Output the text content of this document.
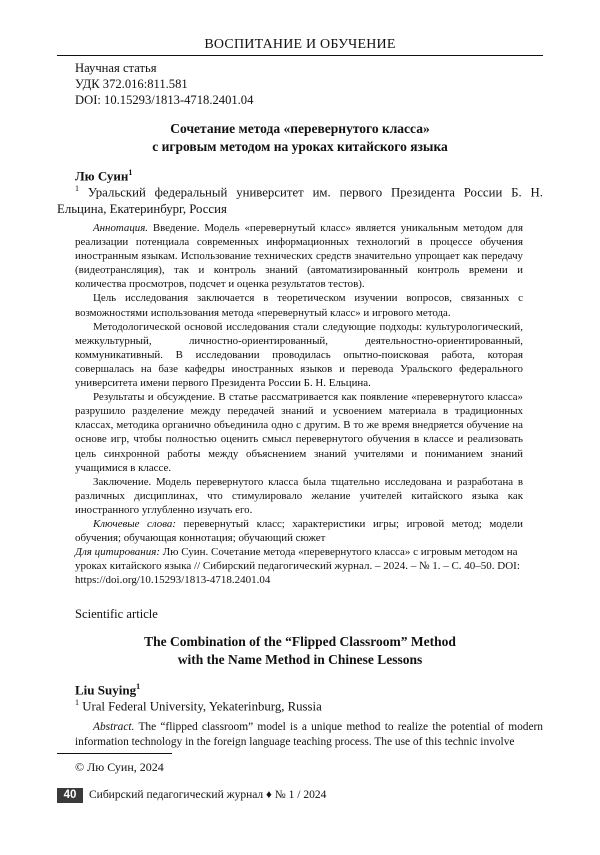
ВОСПИТАНИЕ И ОБУЧЕНИЕ
Научная статья
УДК 372.016:811.581
DOI: 10.15293/1813-4718.2401.04
Сочетание метода «перевернутого класса»
с игровым методом на уроках китайского языка
Лю Суин$^1$
$^1$ Уральский федеральный университет им. первого Президента России Б. Н. Ельцина, Екатеринбург, Россия

Аннотация. Введение. Модель «перевернутый класс» является уникальным методом для реализации потенциала современных информационных технологий в процессе обучения иностранным языкам. Использование технических средств значительно упрощает как передачу (видеотрансляция), так и контроль знаний (автоматизированный контроль времени и количества просмотров, подсчет и оценка результатов тестов).

Цель исследования заключается в теоретическом изучении вопросов, связанных с возможностями использования метода «перевернутый класс» и игрового метода.

Методологической основой исследования стали следующие подходы: культурологический, межкультурный, личностно-ориентированный, деятельностно-ориентированный, коммуникативный. В исследовании проводилась опытно-поисковая работа, которая совершалась на базе кафедры иностранных языков и перевода Уральского федерального университета имени первого Президента России Б. Н. Ельцина.

Результаты и обсуждение. В статье рассматривается как появление «перевернутого класса» разрушило разделение между передачей знаний и усвоением материала в традиционных классах, методика органично объединила одно с другим. В то же время внедряется обучение на основе игр, чтобы полностью оценить смысл перевернутого обучения в классе и реализовать цель синхронной работы между объяснением знаний учителями и пониманием знаний учащимися в классе.

Заключение. Модель перевернутого класса была тщательно исследована и разработана в различных дисциплинах, что стимулировало желание учителей китайского языка как иностранного углубленно изучать его.

Ключевые слова: перевернутый класс; характеристики игры; игровой метод; модели обучения; обучающая коннотация; обучающий сюжет

Для цитирования: Лю Суин. Сочетание метода «перевернутого класса» с игровым методом на уроках китайского языка // Сибирский педагогический журнал. – 2024. – № 1. – С. 40–50. DOI: https://doi.org/10.15293/1813-4718.2401.04

Scientific article
The Combination of the “Flipped Classroom” Method
with the Name Method in Chinese Lessons
Liu Suying$^1$
$^1$ Ural Federal University, Yekaterinburg, Russia

Abstract. The “flipped classroom” model is a unique method to realize the potential of modern information technology in the foreign language teaching process. The use of this technic involve

© Лю Суин, 2024
40	Сибирский педагогический журнал ♦ № 1 / 2024
